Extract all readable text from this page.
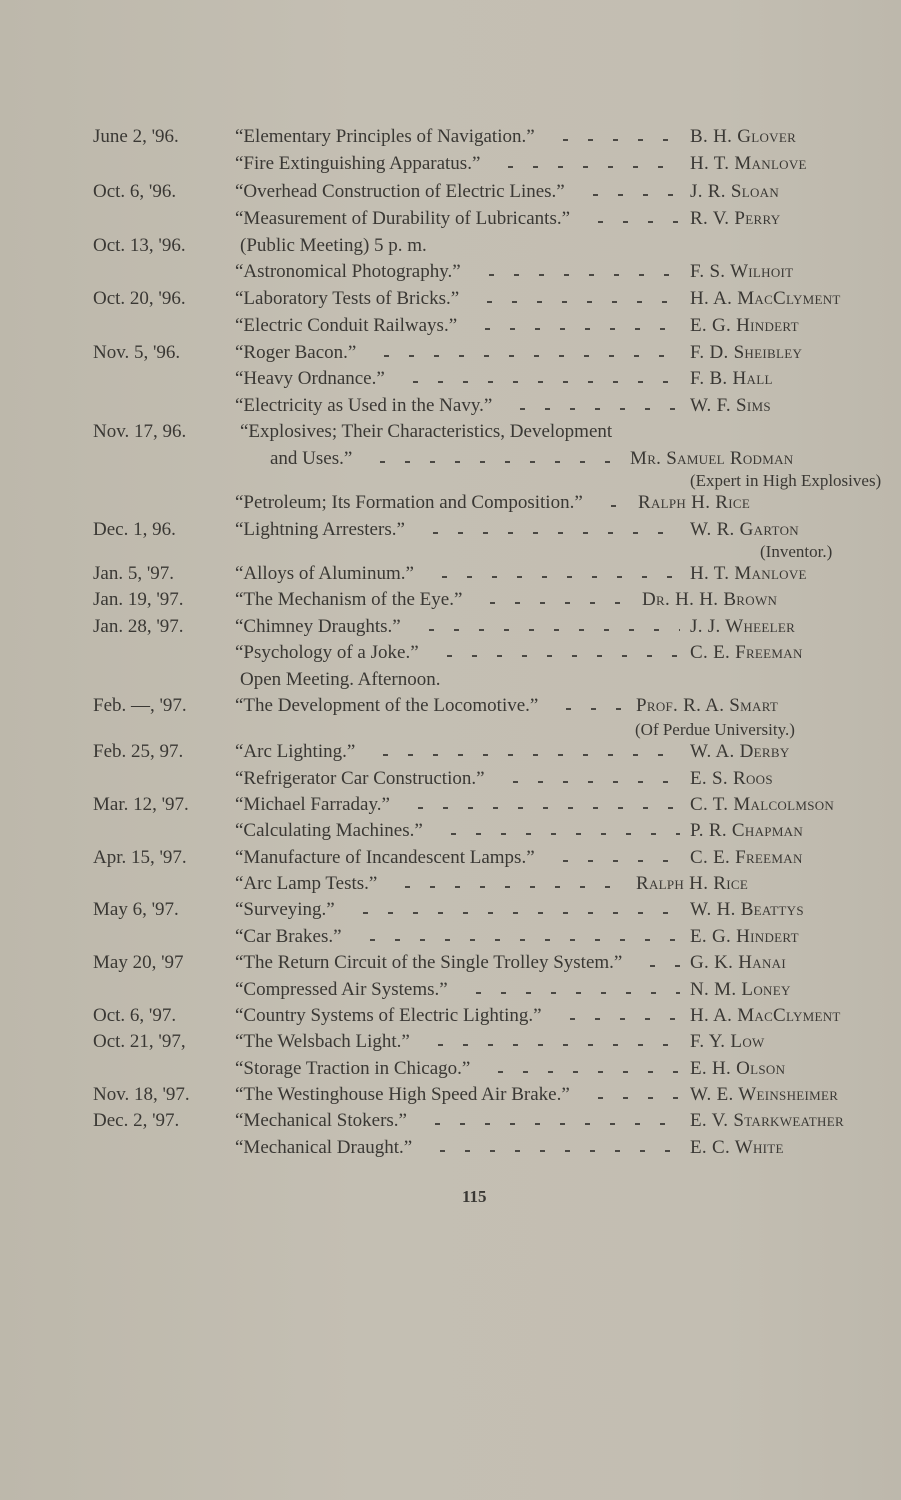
June 2, '96.	“Elementary Principles of Navigation.”	B. H. Glover
“Fire Extinguishing Apparatus.”	H. T. Manlove
Oct. 6, '96.	“Overhead Construction of Electric Lines.”	J. R. Sloan
“Measurement of Durability of Lubricants.”	R. V. Perry
Oct. 13, '96.	(Public Meeting) 5 p. m.
“Astronomical Photography.”	F. S. Wilhoit
Oct. 20, '96.	“Laboratory Tests of Bricks.”	H. A. MacClyment
“Electric Conduit Railways.”	E. G. Hindert
Nov. 5, '96.	“Roger Bacon.”	F. D. Sheibley
“Heavy Ordnance.”	F. B. Hall
“Electricity as Used in the Navy.”	W. F. Sims
Nov. 17, 96.	“Explosives; Their Characteristics, Development
and Uses.”	Mr. Samuel Rodman
(Expert in High Explosives)
“Petroleum; Its Formation and Composition.”	Ralph H. Rice
Dec. 1, 96.	“Lightning Arresters.”	W. R. Garton
(Inventor.)
Jan. 5, '97.	“Alloys of Aluminum.”	H. T. Manlove
Jan. 19, '97.	“The Mechanism of the Eye.”	Dr. H. H. Brown
Jan. 28, '97.	“Chimney Draughts.”	J. J. Wheeler
“Psychology of a Joke.”	C. E. Freeman
Open Meeting. Afternoon.
Feb. —, '97.	“The Development of the Locomotive.”	Prof. R. A. Smart
(Of Perdue University.)
Feb. 25, 97.	“Arc Lighting.”	W. A. Derby
“Refrigerator Car Construction.”	E. S. Roos
Mar. 12, '97. “Michael Farraday.”	C. T. Malcolmson
“Calculating Machines.”	P. R. Chapman
Apr. 15, '97.	“Manufacture of Incandescent Lamps.”	C. E. Freeman
“Arc Lamp Tests.”	Ralph H. Rice
May 6, '97.	“Surveying.”	W. H. Beattys
“Car Brakes.”	E. G. Hindert
May 20, '97	“The Return Circuit of the Single Trolley System.”	G. K. Hanai
“Compressed Air Systems.”	N. M. Loney
Oct. 6, '97.	“Country Systems of Electric Lighting.”	H. A. MacClyment
Oct. 21, '97,	“The Welsbach Light.”	F. Y. Low
“Storage Traction in Chicago.”	E. H. Olson
Nov. 18, '97. “The Westinghouse High Speed Air Brake.”	W. E. Weinsheimer
Dec. 2, '97.	“Mechanical Stokers.”	E. V. Starkweather
“Mechanical Draught.”	E. C. White
115
